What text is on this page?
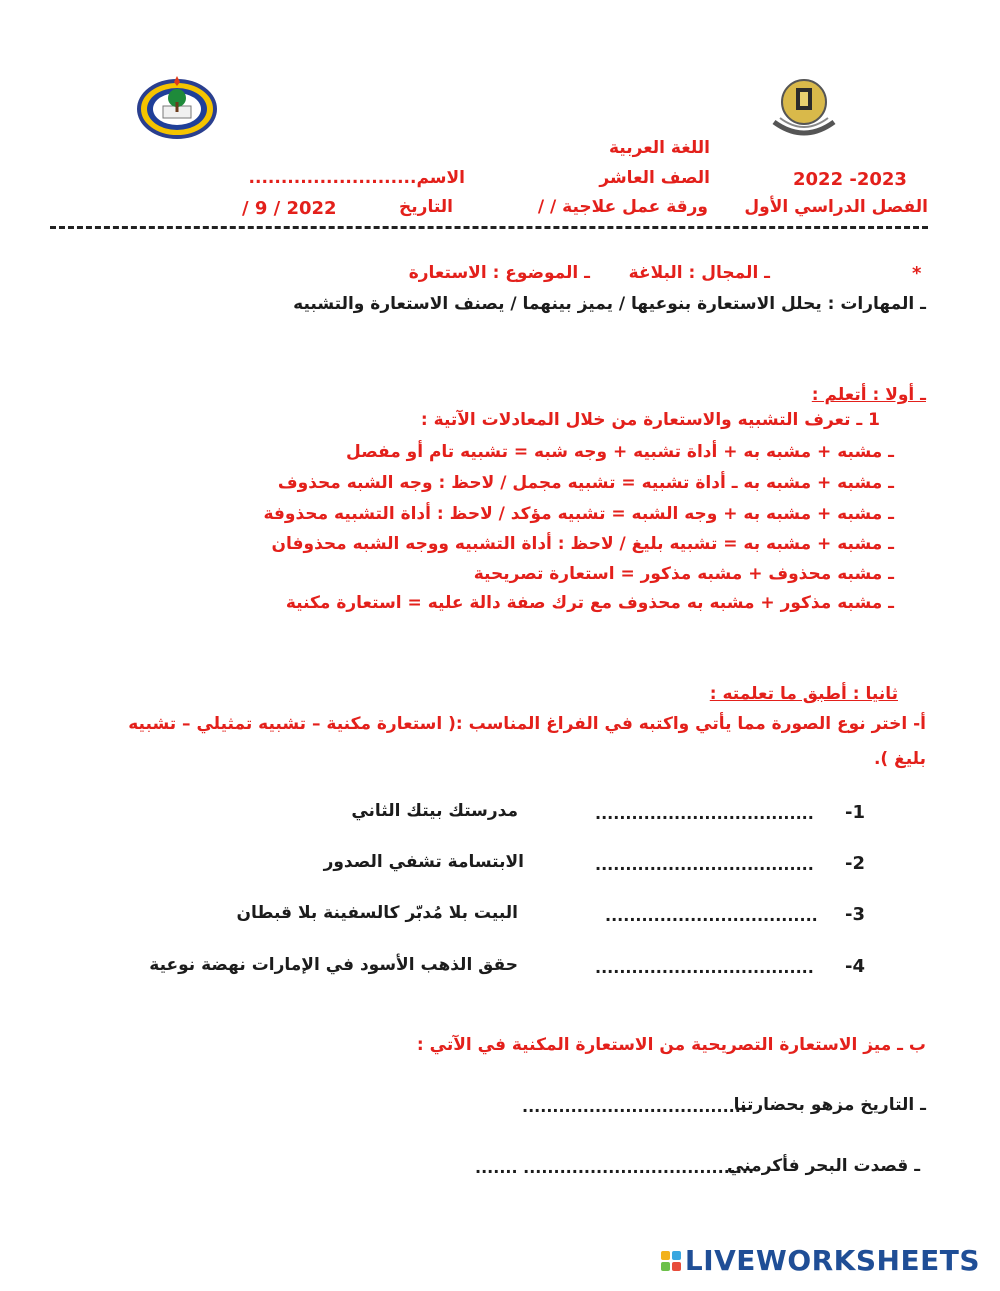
اللغة العربية
2022 -2023
الصف العاشر
الاسم..........................
الفصل الدراسي الأول
ورقة عمل علاجية / /
التاريخ
/ 9 / 2022
*
ـ المجال : البلاغة
ـ الموضوع : الاستعارة
ـ المهارات : يحلل الاستعارة بنوعيها / يميز بينهما / يصنف الاستعارة والتشبيه
ـ أولا : أتعلم :
1 ـ تعرف التشبيه والاستعارة من خلال المعادلات الآتية :
ـ مشبه + مشبه به + أداة تشبيه + وجه شبه = تشبيه تام أو مفصل
ـ مشبه + مشبه به ـ أداة تشبيه = تشبيه مجمل / لاحظ : وجه الشبه محذوف
ـ مشبه + مشبه به + وجه الشبه = تشبيه مؤكد / لاحظ : أداة التشبيه محذوفة
ـ مشبه + مشبه به = تشبيه بليغ / لاحظ : أداة التشبيه ووجه الشبه محذوفان
ـ مشبه محذوف + مشبه مذكور = استعارة تصريحية
ـ مشبه مذكور + مشبه به محذوف مع ترك صفة دالة عليه = استعارة مكنية
ثانيا : أطبق ما تعلمته :
أ- اختر نوع الصورة مما يأتي واكتبه في الفراغ المناسب :( استعارة مكنية – تشبيه تمثيلي – تشبيه
بليغ ).
-1
....................................
مدرستك بيتك الثاني
-2
....................................
الابتسامة تشفي الصدور
-3
...................................
البيت بلا مُدبّر كالسفينة بلا قبطان
-4
....................................
حقق الذهب الأسود في الإمارات نهضة نوعية
ب ـ ميز الاستعارة التصريحية من الاستعارة المكنية في الآتي :
ـ التاريخ مزهو بحضارتنا
.....................................
ـ قصدت البحر فأكرمني
....... ......................................
LIVEWORKSHEETS
